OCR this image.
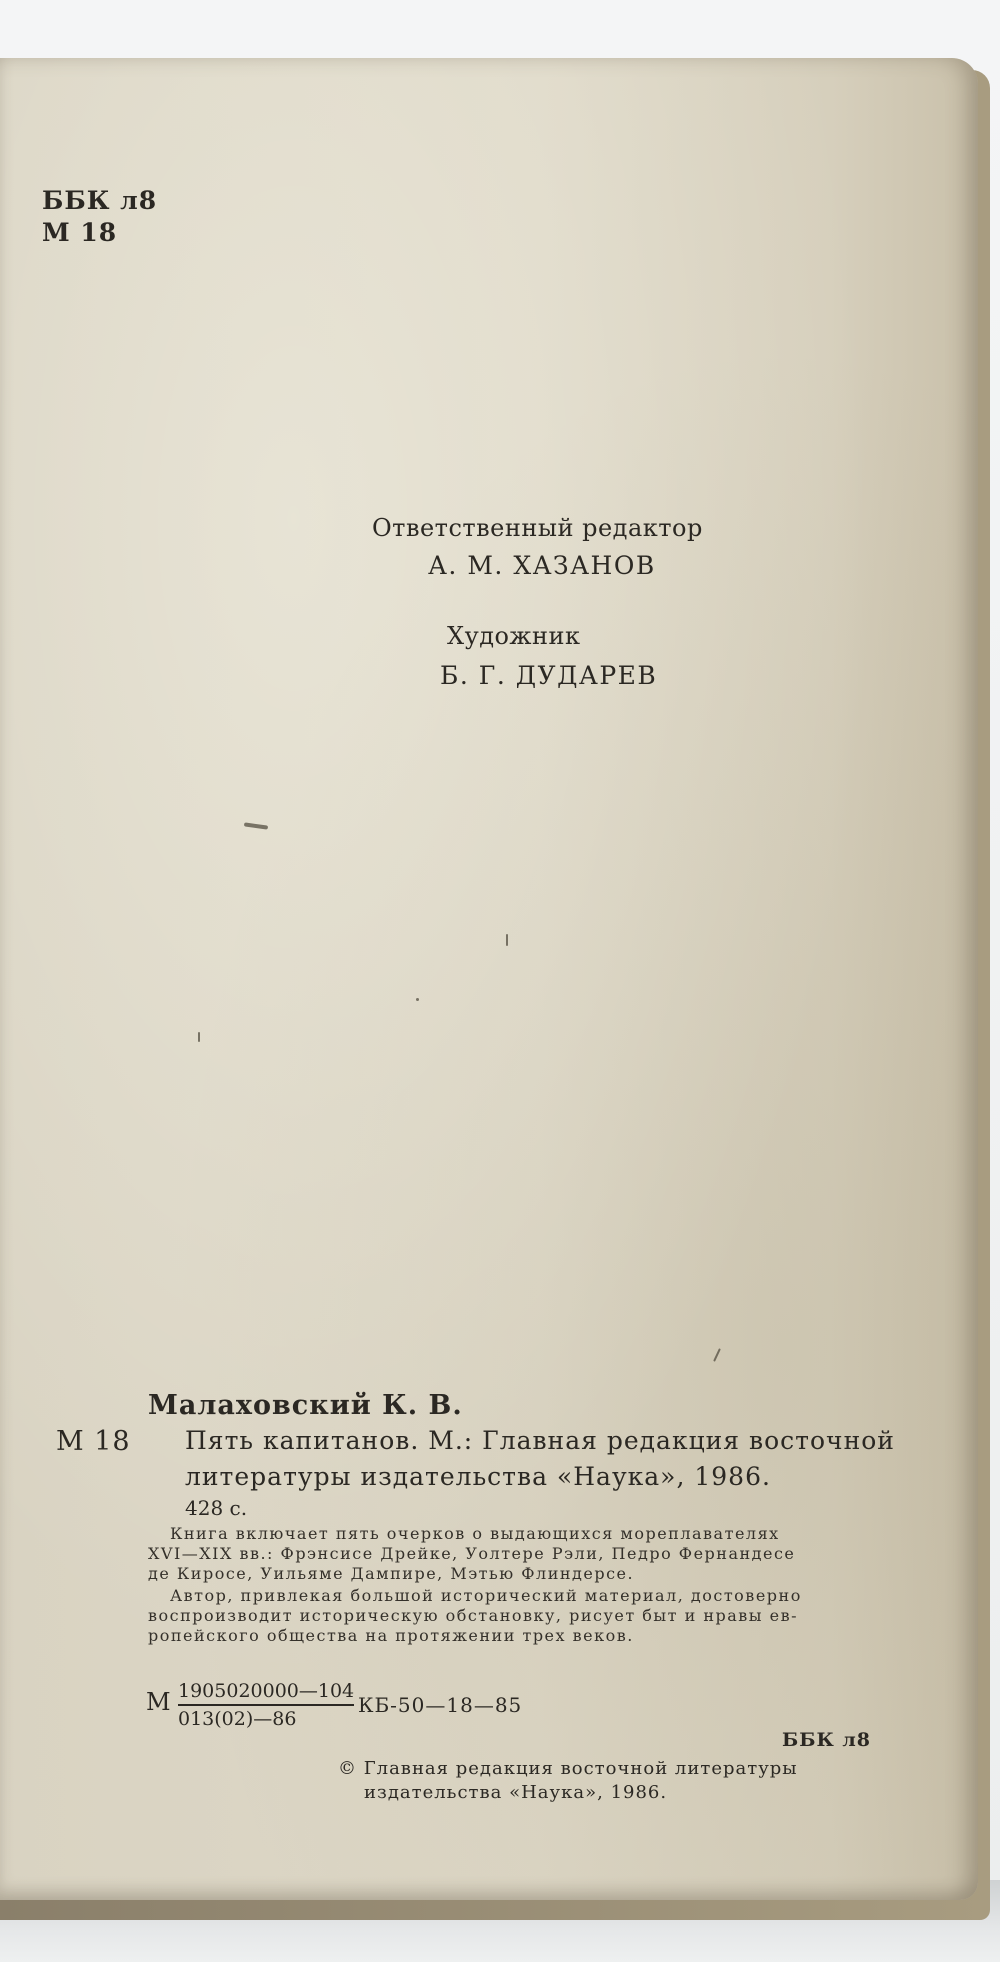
ББК л8
М 18
Ответственный редактор
А. М. ХАЗАНОВ
Художник
Б. Г. ДУДАРЕВ
Малаховский К. В.
М 18 Пять капитанов. М.: Главная редакция восточной
литературы издательства «Наука», 1986.
428 с.
Книга включает пять очерков о выдающихся мореплавателях
XVI—XIX вв.: Фрэнсисе Дрейке, Уолтере Рэли, Педро Фернандесе
де Киросе, Уильяме Дампире, Мэтью Флиндерсе.
Автор, привлекая большой исторический материал, достоверно
воспроизводит историческую обстановку, рисует быт и нравы ев-
ропейского общества на протяжении трех веков.
М $\frac{1905020000—104}{013(02)—86}$ КБ-50—18—85
ББК л8
© Главная редакция восточной литературы
издательства «Наука», 1986.
